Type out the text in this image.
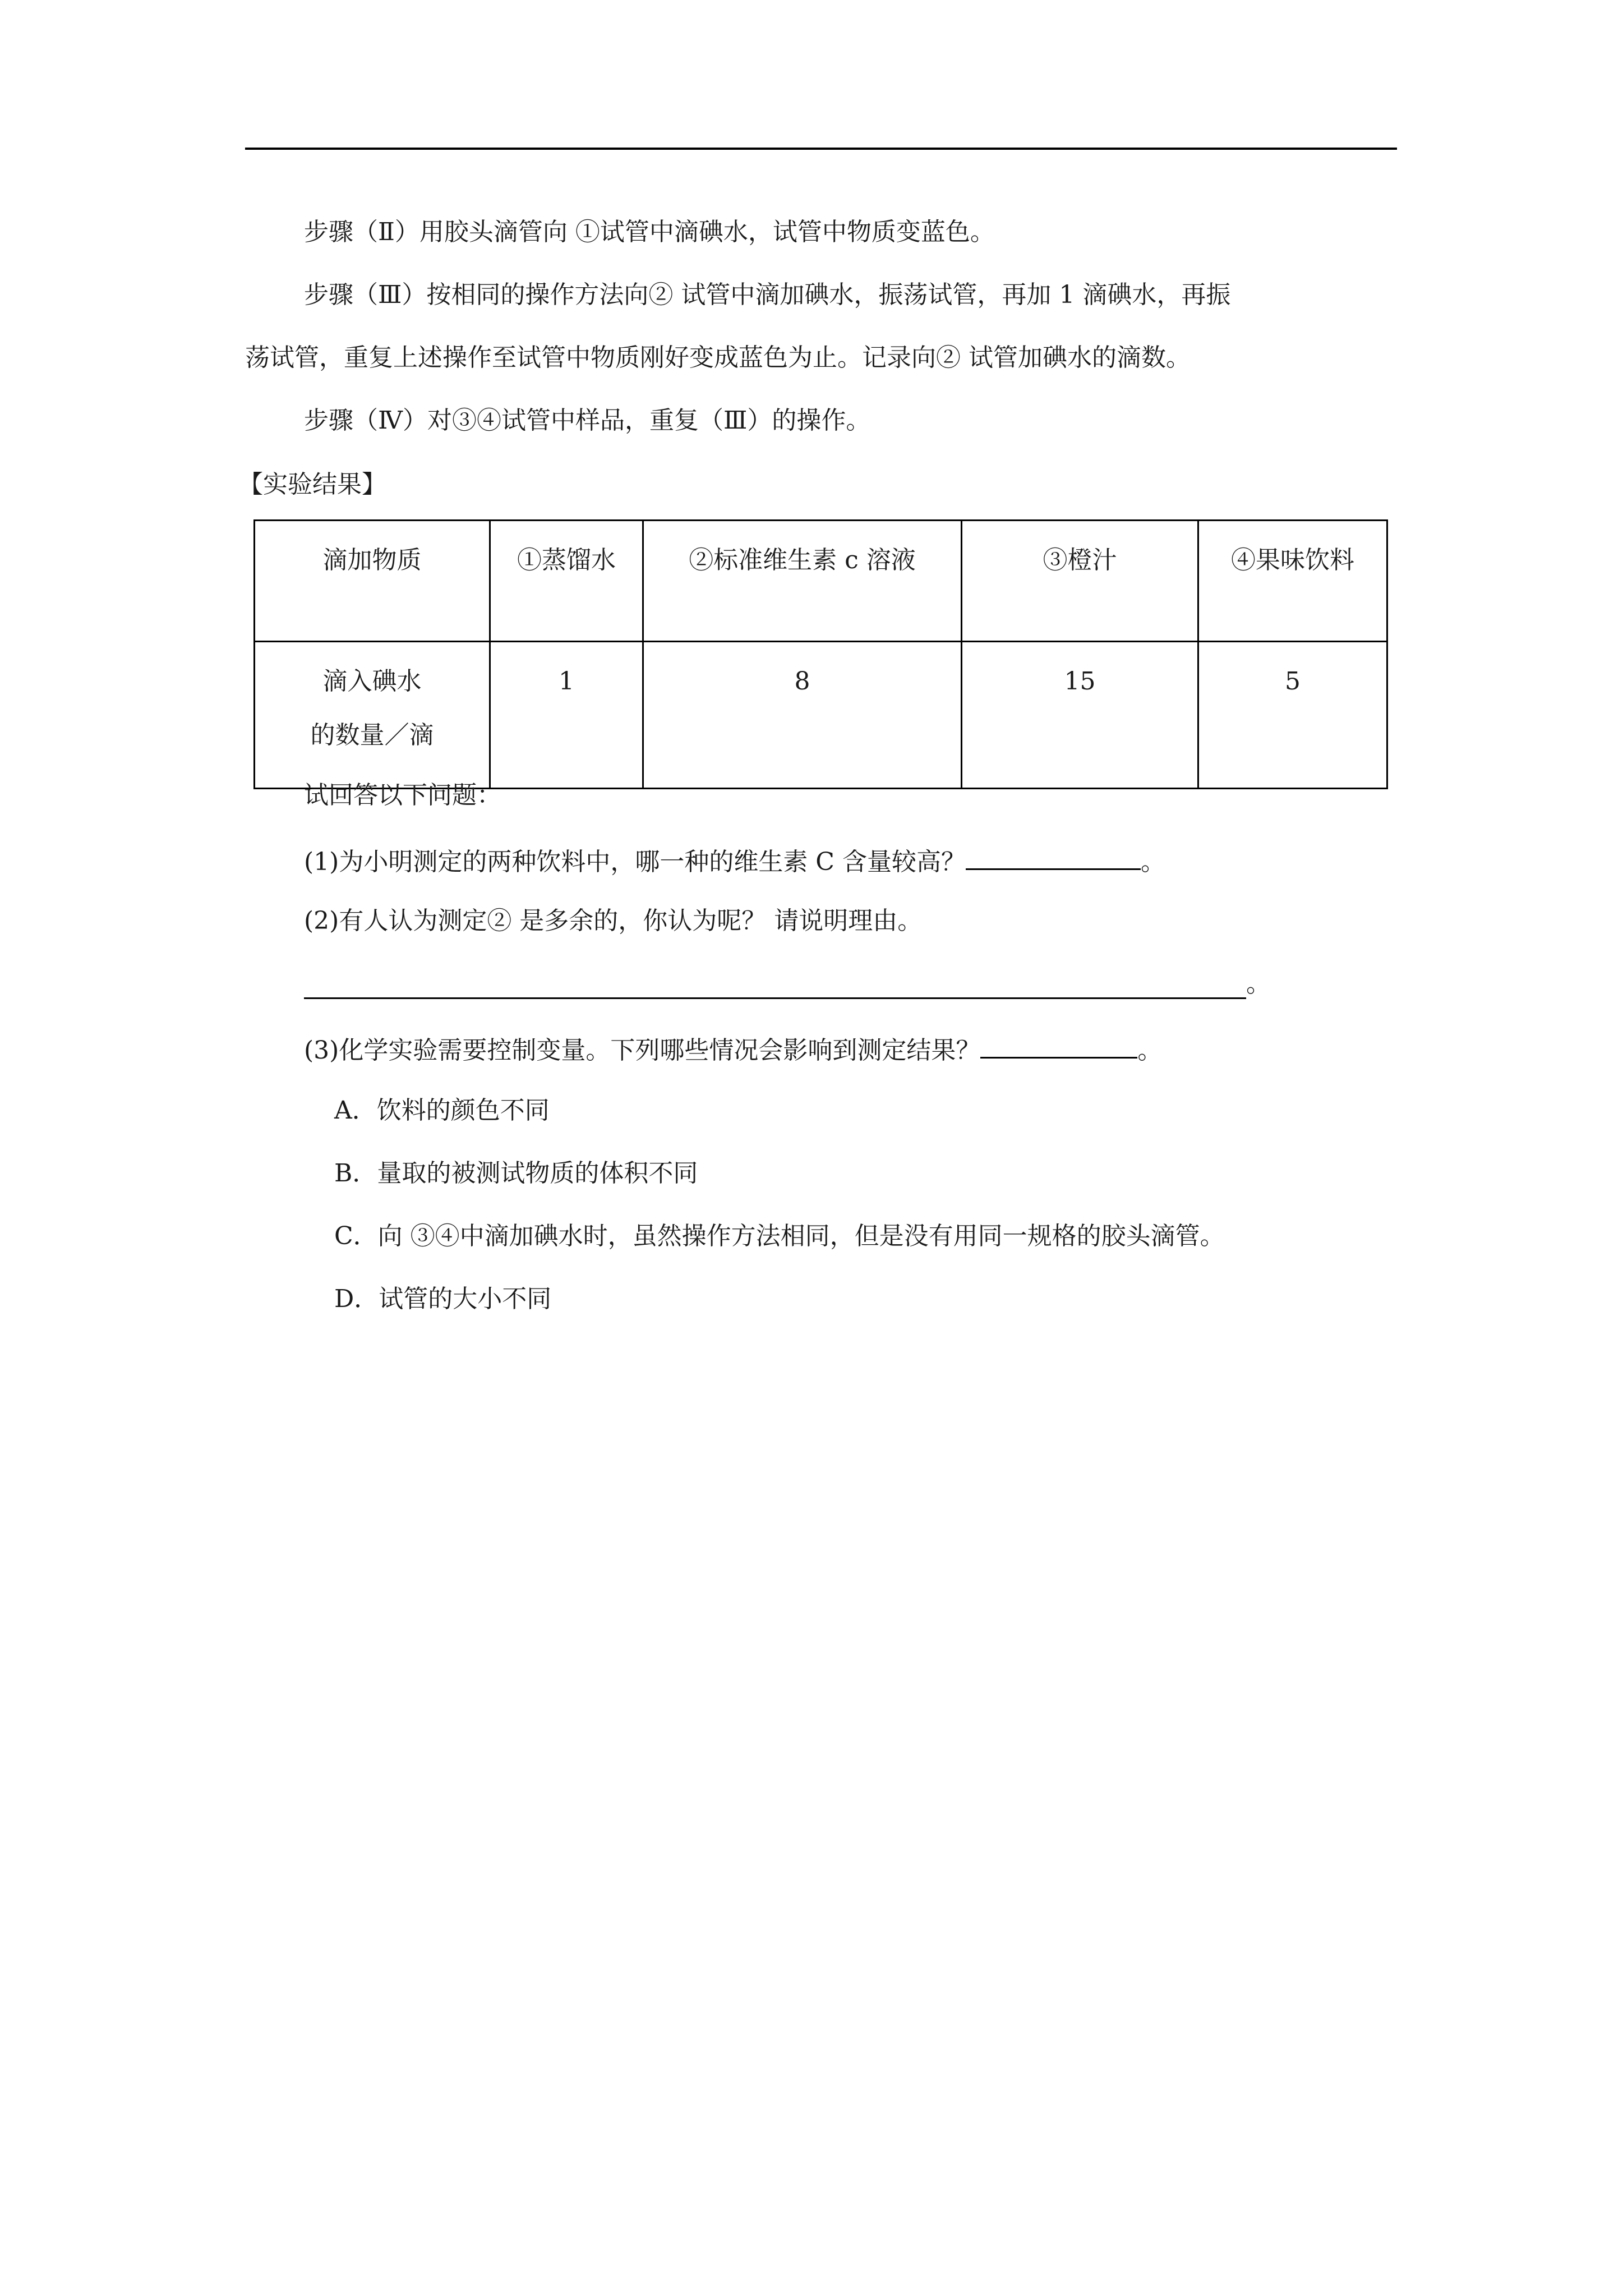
步骤（Ⅱ）用胶头滴管向 ①试管中滴碘水，试管中物质变蓝色。
步骤（Ⅲ）按相同的操作方法向② 试管中滴加碘水，振荡试管，再加 1 滴碘水，再振
荡试管，重复上述操作至试管中物质刚好变成蓝色为止。记录向② 试管加碘水的滴数。
步骤（Ⅳ）对③④试管中样品，重复（Ⅲ）的操作。
【实验结果】
滴加物质	①蒸馏水	②标准维生素 c 溶液	③橙汁	④果味饮料

滴入碘水
的数量／滴	1	8	15	5
试回答以下问题：
(1)为小明测定的两种饮料中，哪一种的维生素 C 含量较高？	。
(2)有人认为测定② 是多余的，你认为呢？ 请说明理由。
。
(3)化学实验需要控制变量。下列哪些情况会影响到测定结果？	。
A．饮料的颜色不同
B．量取的被测试物质的体积不同
C．向 ③④中滴加碘水时，虽然操作方法相同，但是没有用同一规格的胶头滴管。
D．试管的大小不同
